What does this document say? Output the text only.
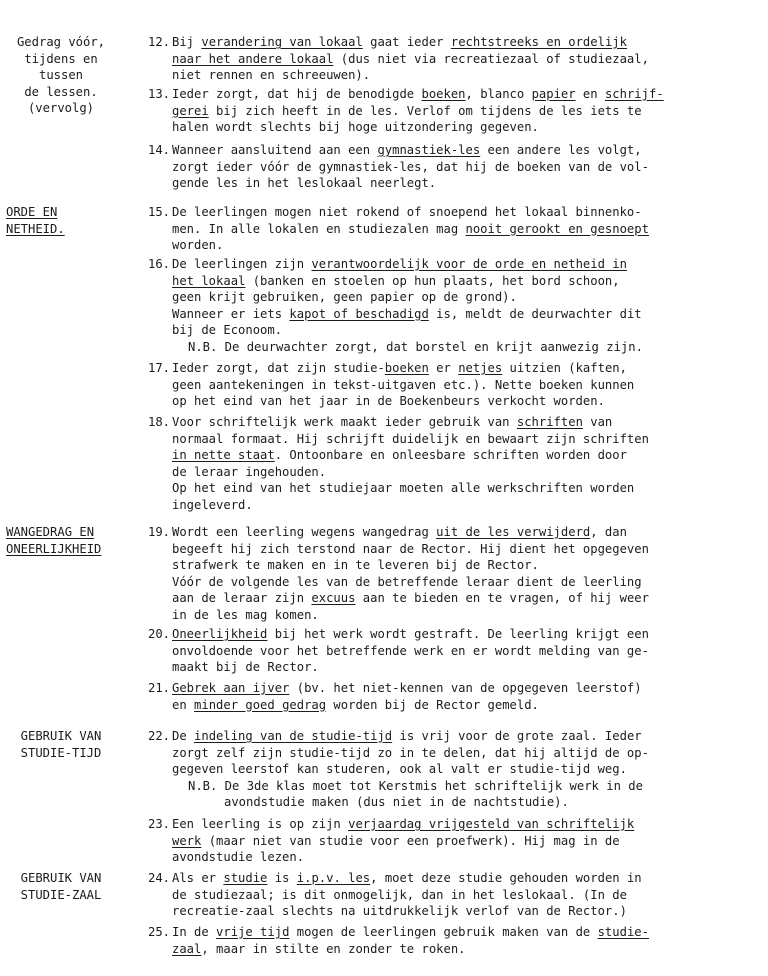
Gedrag vóór,
tijdens en
tussen
de lessen.
(vervolg)
ORDE EN
NETHEID.
WANGEDRAG EN
ONEERLIJKHEID
GEBRUIK VAN
STUDIE-TIJD
GEBRUIK VAN
STUDIE-ZAAL
12. Bij verandering van lokaal gaat ieder rechtstreeks en ordelijk
naar het andere lokaal (dus niet via recreatiezaal of studiezaal,
niet rennen en schreeuwen).
13. Ieder zorgt, dat hij de benodigde boeken, blanco papier en schrijf-
gerei bij zich heeft in de les. Verlof om tijdens de les iets te
halen wordt slechts bij hoge uitzondering gegeven.
14. Wanneer aansluitend aan een gymnastiek-les een andere les volgt,
zorgt ieder vóór de gymnastiek-les, dat hij de boeken van de vol-
gende les in het leslokaal neerlegt.
15. De leerlingen mogen niet rokend of snoepend het lokaal binnenko-
men. In alle lokalen en studiezalen mag nooit gerookt en gesnoept
worden.
16. De leerlingen zijn verantwoordelijk voor de orde en netheid in
het lokaal (banken en stoelen op hun plaats, het bord schoon,
geen krijt gebruiken, geen papier op de grond).
Wanneer er iets kapot of beschadigd is, meldt de deurwachter dit
bij de Econoom.
N.B. De deurwachter zorgt, dat borstel en krijt aanwezig zijn.
17. Ieder zorgt, dat zijn studie-boeken er netjes uitzien (kaften,
geen aantekeningen in tekst-uitgaven etc.). Nette boeken kunnen
op het eind van het jaar in de Boekenbeurs verkocht worden.
18. Voor schriftelijk werk maakt ieder gebruik van schriften van
normaal formaat. Hij schrijft duidelijk en bewaart zijn schriften
in nette staat. Ontoonbare en onleesbare schriften worden door
de leraar ingehouden.
Op het eind van het studiejaar moeten alle werkschriften worden
ingeleverd.
19. Wordt een leerling wegens wangedrag uit de les verwijderd, dan
begeeft hij zich terstond naar de Rector. Hij dient het opgegeven
strafwerk te maken en in te leveren bij de Rector.
Vóór de volgende les van de betreffende leraar dient de leerling
aan de leraar zijn excuus aan te bieden en te vragen, of hij weer
in de les mag komen.
20. Oneerlijkheid bij het werk wordt gestraft. De leerling krijgt een
onvoldoende voor het betreffende werk en er wordt melding van ge-
maakt bij de Rector.
21. Gebrek aan ijver (bv. het niet-kennen van de opgegeven leerstof)
en minder goed gedrag worden bij de Rector gemeld.
22. De indeling van de studie-tijd is vrij voor de grote zaal. Ieder
zorgt zelf zijn studie-tijd zo in te delen, dat hij altijd de op-
gegeven leerstof kan studeren, ook al valt er studie-tijd weg.
N.B. De 3de klas moet tot Kerstmis het schriftelijk werk in de
avondstudie maken (dus niet in de nachtstudie).
23. Een leerling is op zijn verjaardag vrijgesteld van schriftelijk
werk (maar niet van studie voor een proefwerk). Hij mag in de
avondstudie lezen.
24. Als er studie is i.p.v. les, moet deze studie gehouden worden in
de studiezaal; is dit onmogelijk, dan in het leslokaal. (In de
recreatie-zaal slechts na uitdrukkelijk verlof van de Rector.)
25. In de vrije tijd mogen de leerlingen gebruik maken van de studie-
zaal, maar in stilte en zonder te roken.
